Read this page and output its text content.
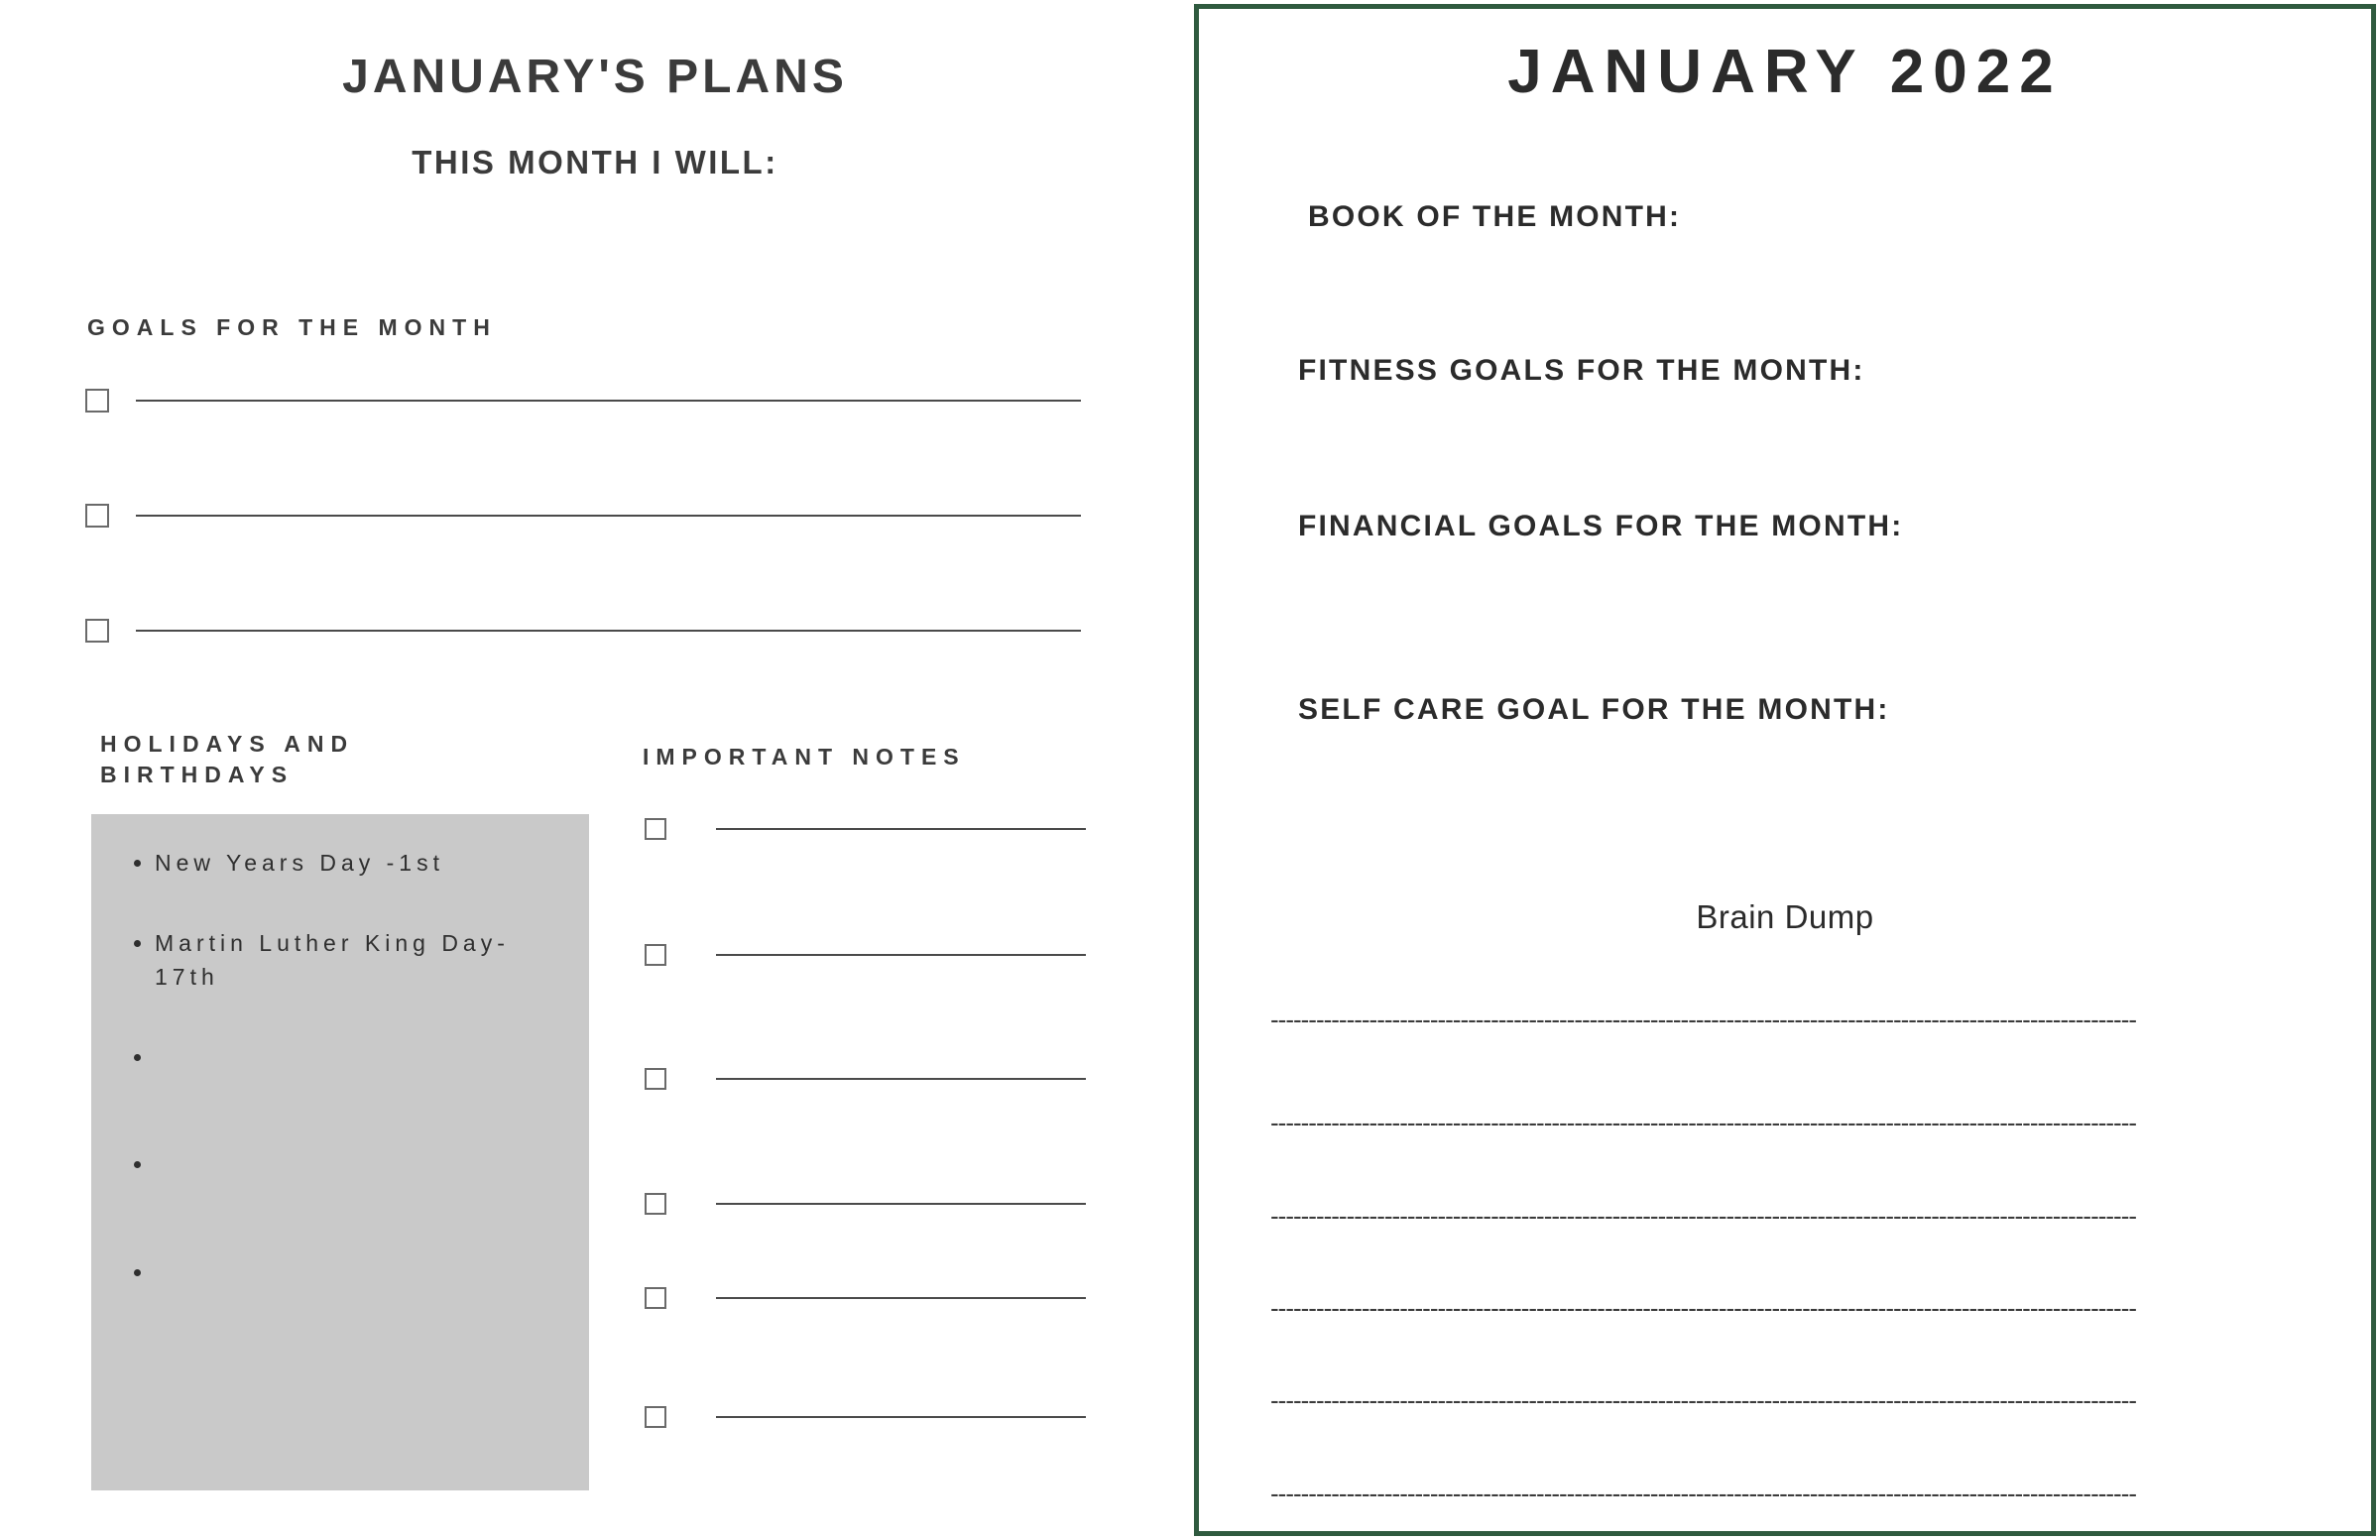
JANUARY'S PLANS
THIS MONTH I WILL:
GOALS FOR THE MONTH
HOLIDAYS AND BIRTHDAYS
• New Years Day -1st
• Martin Luther King Day- 17th
•
•
•
IMPORTANT NOTES
JANUARY 2022
BOOK OF THE MONTH:
FITNESS GOALS FOR THE MONTH:
FINANCIAL GOALS FOR THE MONTH:
SELF CARE GOAL FOR THE MONTH:
Brain Dump
------------------------------------------------------------------------------------------------------------------
------------------------------------------------------------------------------------------------------------------
------------------------------------------------------------------------------------------------------------------
------------------------------------------------------------------------------------------------------------------
------------------------------------------------------------------------------------------------------------------
------------------------------------------------------------------------------------------------------------------
